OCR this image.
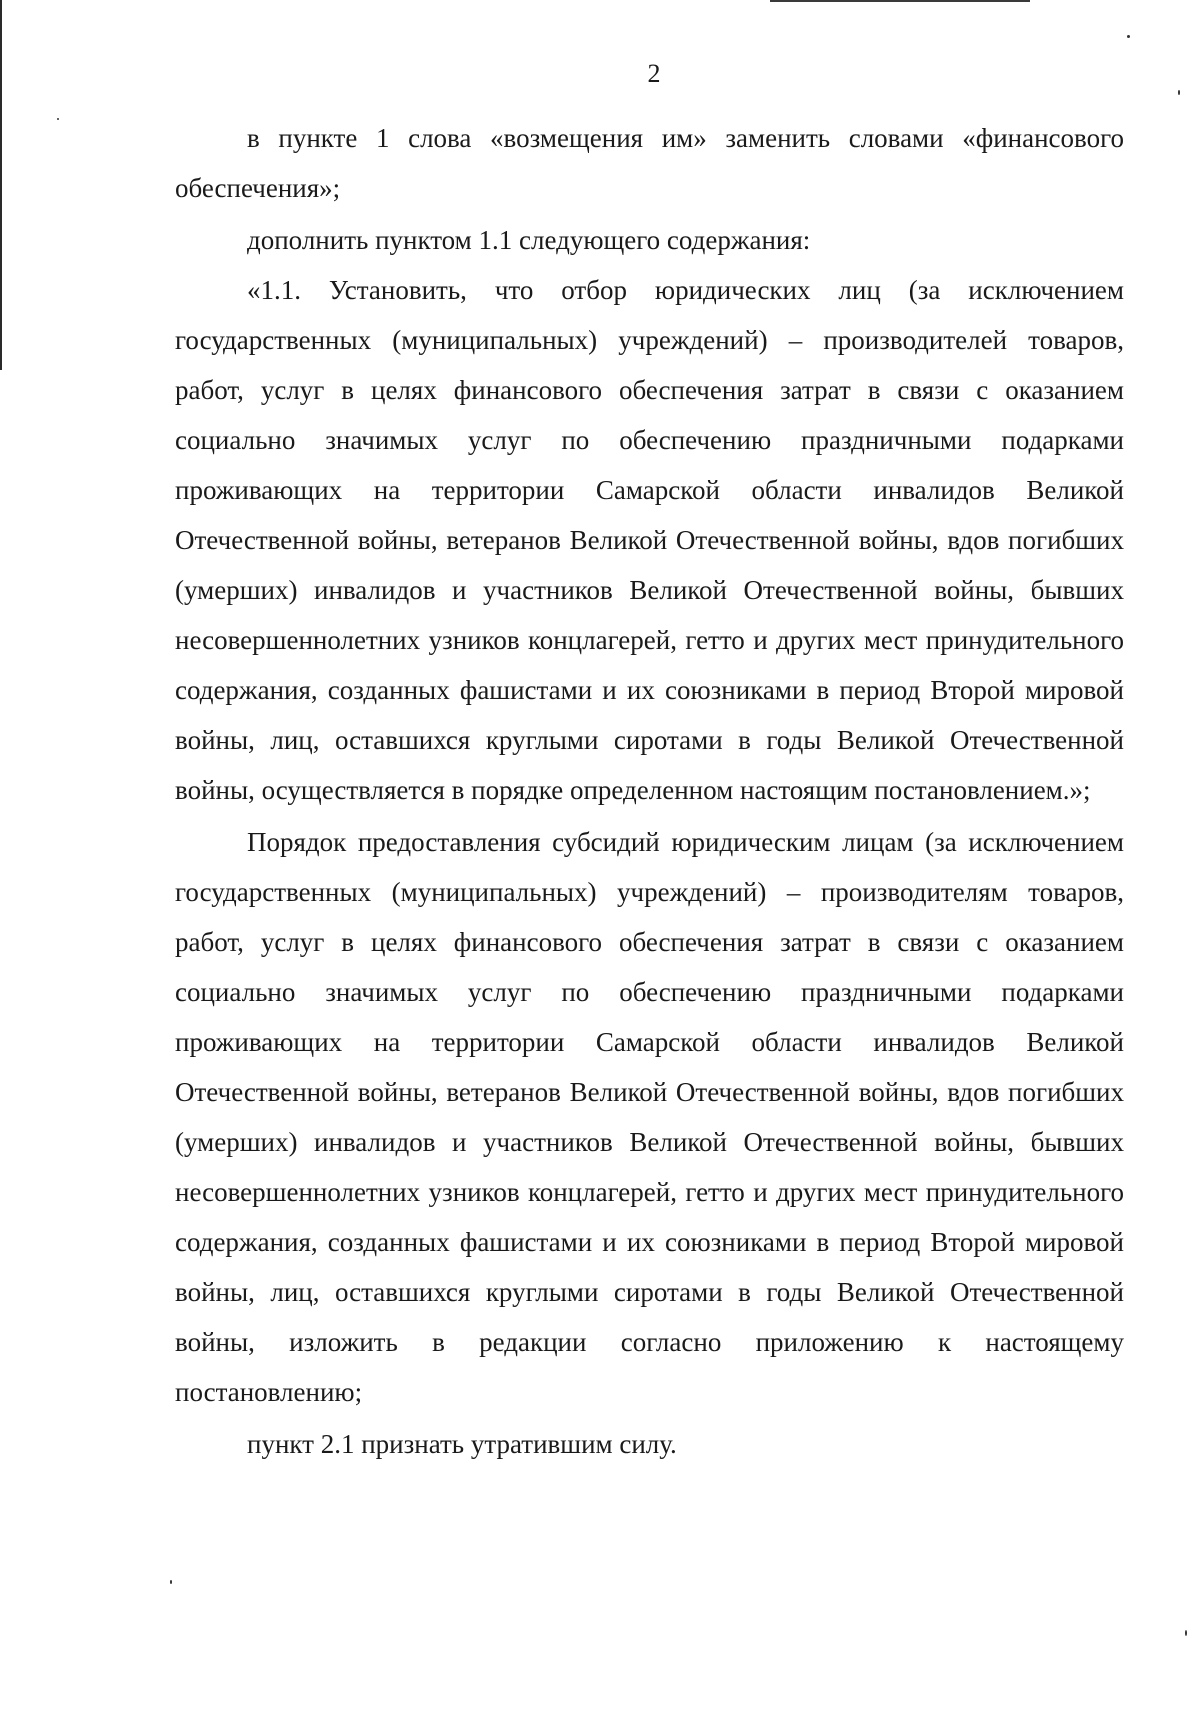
2

в пункте 1 слова «возмещения им» заменить словами «финансового обеспечения»;

дополнить пунктом 1.1 следующего содержания:

«1.1. Установить, что отбор юридических лиц (за исключением государственных (муниципальных) учреждений) – производителей товаров, работ, услуг в целях финансового обеспечения затрат в связи с оказанием социально значимых услуг по обеспечению праздничными подарками проживающих на территории Самарской области инвалидов Великой Отечественной войны, ветеранов Великой Отечественной войны, вдов погибших (умерших) инвалидов и участников Великой Отечественной войны, бывших несовершеннолетних узников концлагерей, гетто и других мест принудительного содержания, созданных фашистами и их союзниками в период Второй мировой войны, лиц, оставшихся круглыми сиротами в годы Великой Отечественной войны, осуществляется в порядке определенном настоящим постановлением.»;

Порядок предоставления субсидий юридическим лицам (за исключением государственных (муниципальных) учреждений) – производителям товаров, работ, услуг в целях финансового обеспечения затрат в связи с оказанием социально значимых услуг по обеспечению праздничными подарками проживающих на территории Самарской области инвалидов Великой Отечественной войны, ветеранов Великой Отечественной войны, вдов погибших (умерших) инвалидов и участников Великой Отечественной войны, бывших несовершеннолетних узников концлагерей, гетто и других мест принудительного содержания, созданных фашистами и их союзниками в период Второй мировой войны, лиц, оставшихся круглыми сиротами в годы Великой Отечественной войны, изложить в редакции согласно приложению к настоящему постановлению;

пункт 2.1 признать утратившим силу.
